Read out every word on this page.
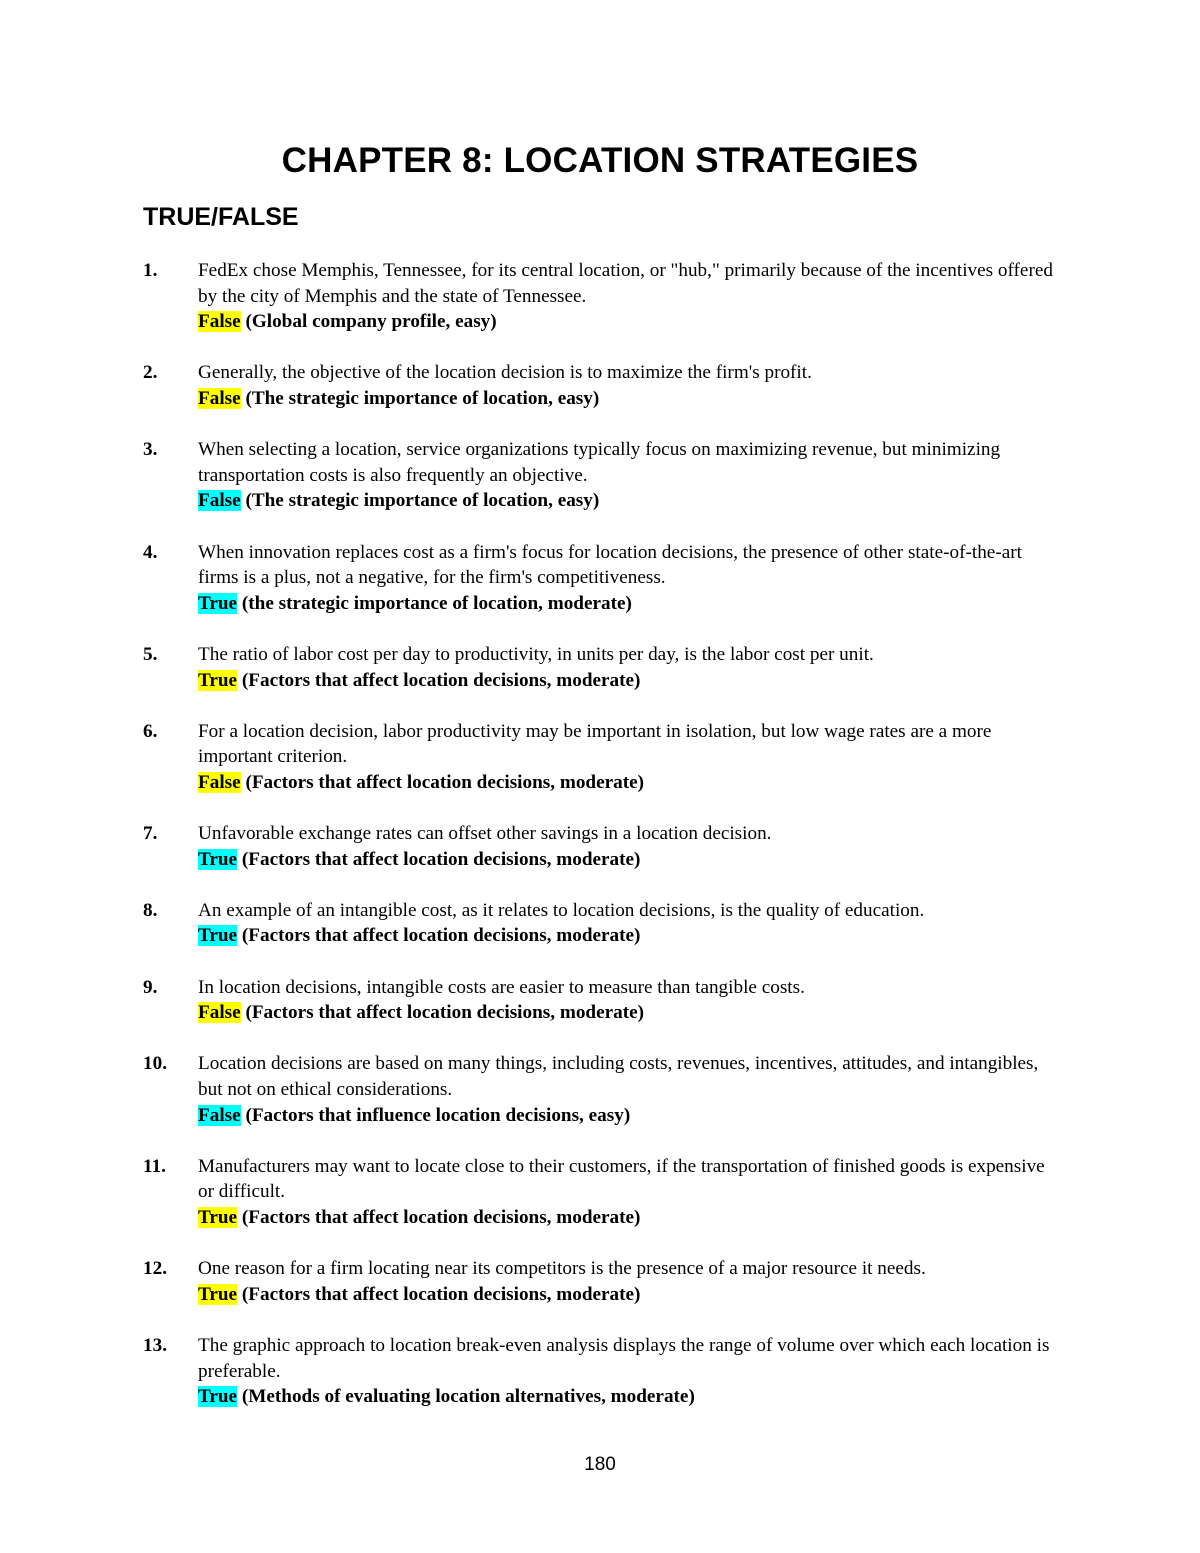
CHAPTER 8: LOCATION STRATEGIES
TRUE/FALSE
1. FedEx chose Memphis, Tennessee, for its central location, or "hub," primarily because of the incentives offered by the city of Memphis and the state of Tennessee.
False (Global company profile, easy)
2. Generally, the objective of the location decision is to maximize the firm's profit.
False (The strategic importance of location, easy)
3. When selecting a location, service organizations typically focus on maximizing revenue, but minimizing transportation costs is also frequently an objective.
False (The strategic importance of location, easy)
4. When innovation replaces cost as a firm's focus for location decisions, the presence of other state-of-the-art firms is a plus, not a negative, for the firm's competitiveness.
True (the strategic importance of location, moderate)
5. The ratio of labor cost per day to productivity, in units per day, is the labor cost per unit.
True (Factors that affect location decisions, moderate)
6. For a location decision, labor productivity may be important in isolation, but low wage rates are a more important criterion.
False (Factors that affect location decisions, moderate)
7. Unfavorable exchange rates can offset other savings in a location decision.
True (Factors that affect location decisions, moderate)
8. An example of an intangible cost, as it relates to location decisions, is the quality of education.
True (Factors that affect location decisions, moderate)
9. In location decisions, intangible costs are easier to measure than tangible costs.
False (Factors that affect location decisions, moderate)
10. Location decisions are based on many things, including costs, revenues, incentives, attitudes, and intangibles, but not on ethical considerations.
False (Factors that influence location decisions, easy)
11. Manufacturers may want to locate close to their customers, if the transportation of finished goods is expensive or difficult.
True (Factors that affect location decisions, moderate)
12. One reason for a firm locating near its competitors is the presence of a major resource it needs.
True (Factors that affect location decisions, moderate)
13. The graphic approach to location break-even analysis displays the range of volume over which each location is preferable.
True (Methods of evaluating location alternatives, moderate)
180
